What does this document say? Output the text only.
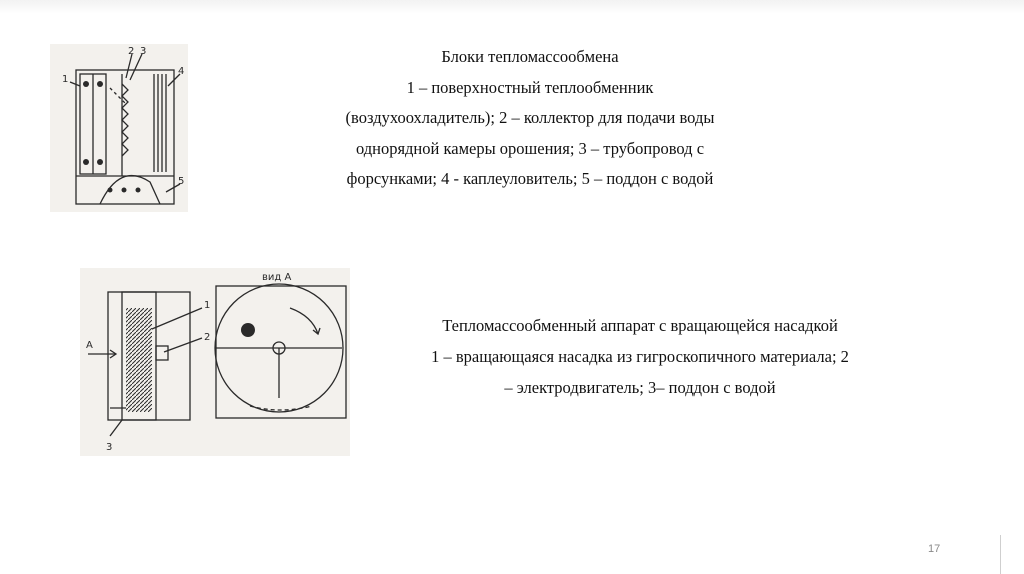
1
2 3
4
5
Блоки тепломассообмена
1 – поверхностный теплообменник
(воздухоохладитель); 2 – коллектор для подачи воды
однорядной камеры орошения; 3 – трубопровод с
форсунками; 4 - каплеуловитель; 5 – поддон с водой
1
2
3
А
вид А
Тепломассообменный аппарат с вращающейся насадкой
1 – вращающаяся насадка из гигроскопичного материала; 2
– электродвигатель; 3– поддон с водой
17
